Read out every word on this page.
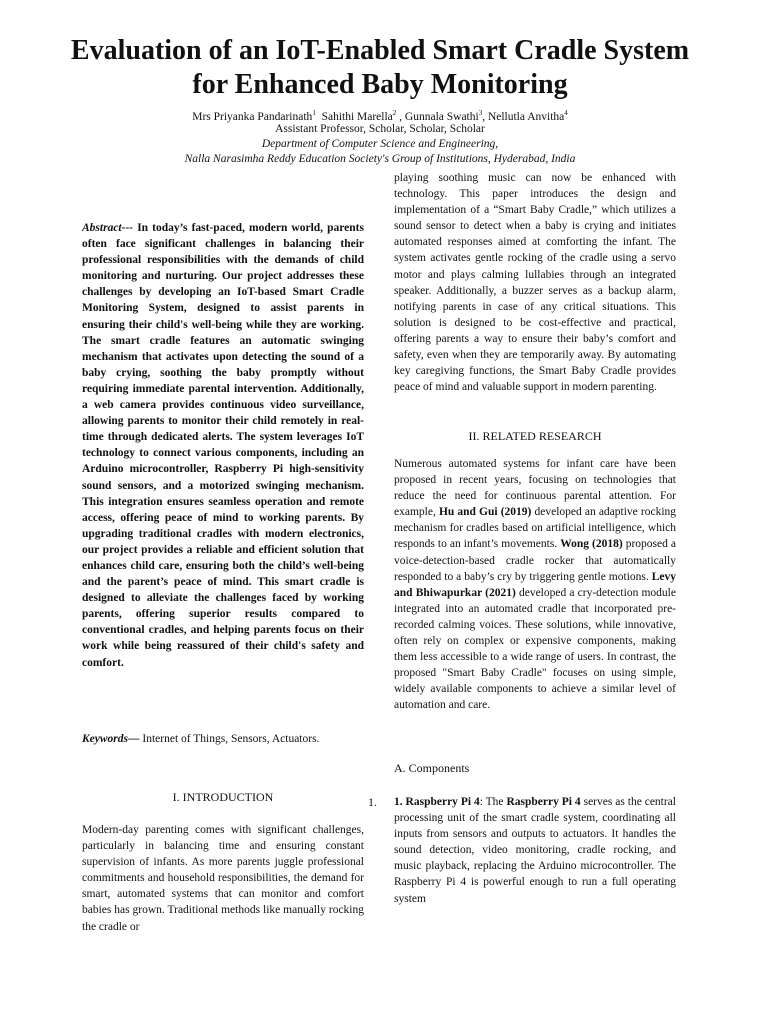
Evaluation of an IoT-Enabled Smart Cradle System for Enhanced Baby Monitoring
Mrs Priyanka Pandarinath$^1$ Sahithi Marella$^2$ , Gunnala Swathi$^3$, Nellutla Anvitha$^4$
Assistant Professor, Scholar, Scholar, Scholar
Department of Computer Science and Engineering,
Nalla Narasimha Reddy Education Society's Group of Institutions, Hyderabad, India

Abstract--- In today’s fast-paced, modern world, parents often face significant challenges in balancing their professional responsibilities with the demands of child monitoring and nurturing. Our project addresses these challenges by developing an IoT-based Smart Cradle Monitoring System, designed to assist parents in ensuring their child's well-being while they are working. The smart cradle features an automatic swinging mechanism that activates upon detecting the sound of a baby crying, soothing the baby promptly without requiring immediate parental intervention. Additionally, a web camera provides continuous video surveillance, allowing parents to monitor their child remotely in real-time through dedicated alerts. The system leverages IoT technology to connect various components, including an Arduino microcontroller, Raspberry Pi high-sensitivity sound sensors, and a motorized swinging mechanism. This integration ensures seamless operation and remote access, offering peace of mind to working parents. By upgrading traditional cradles with modern electronics, our project provides a reliable and efficient solution that enhances child care, ensuring both the child’s well-being and the parent’s peace of mind. This smart cradle is designed to alleviate the challenges faced by working parents, offering superior results compared to conventional cradles, and helping parents focus on their work while being reassured of their child's safety and comfort.

Keywords— Internet of Things, Sensors, Actuators.

I. INTRODUCTION

Modern-day parenting comes with significant challenges, particularly in balancing time and ensuring constant supervision of infants. As more parents juggle professional commitments and household responsibilities, the demand for smart, automated systems that can monitor and comfort babies has grown. Traditional methods like manually rocking the cradle or

playing soothing music can now be enhanced with technology. This paper introduces the design and implementation of a “Smart Baby Cradle,” which utilizes a sound sensor to detect when a baby is crying and initiates automated responses aimed at comforting the infant. The system activates gentle rocking of the cradle using a servo motor and plays calming lullabies through an integrated speaker. Additionally, a buzzer serves as a backup alarm, notifying parents in case of any critical situations. This solution is designed to be cost-effective and practical, offering parents a way to ensure their baby’s comfort and safety, even when they are temporarily away. By automating key caregiving functions, the Smart Baby Cradle provides peace of mind and valuable support in modern parenting.

II. RELATED RESEARCH

Numerous automated systems for infant care have been proposed in recent years, focusing on technologies that reduce the need for continuous parental attention. For example, Hu and Gui (2019) developed an adaptive rocking mechanism for cradles based on artificial intelligence, which responds to an infant’s movements. Wong (2018) proposed a voice-detection-based cradle rocker that automatically responded to a baby’s cry by triggering gentle motions. Levy and Bhiwapurkar (2021) developed a cry-detection module integrated into an automated cradle that incorporated pre-recorded calming voices. These solutions, while innovative, often rely on complex or expensive components, making them less accessible to a wide range of users. In contrast, the proposed "Smart Baby Cradle" focuses on using simple, widely available components to achieve a similar level of automation and care.

A. Components

1. 1. Raspberry Pi 4: The Raspberry Pi 4 serves as the central processing unit of the smart cradle system, coordinating all inputs from sensors and outputs to actuators. It handles the sound detection, video monitoring, cradle rocking, and music playback, replacing the Arduino microcontroller. The Raspberry Pi 4 is powerful enough to run a full operating system
